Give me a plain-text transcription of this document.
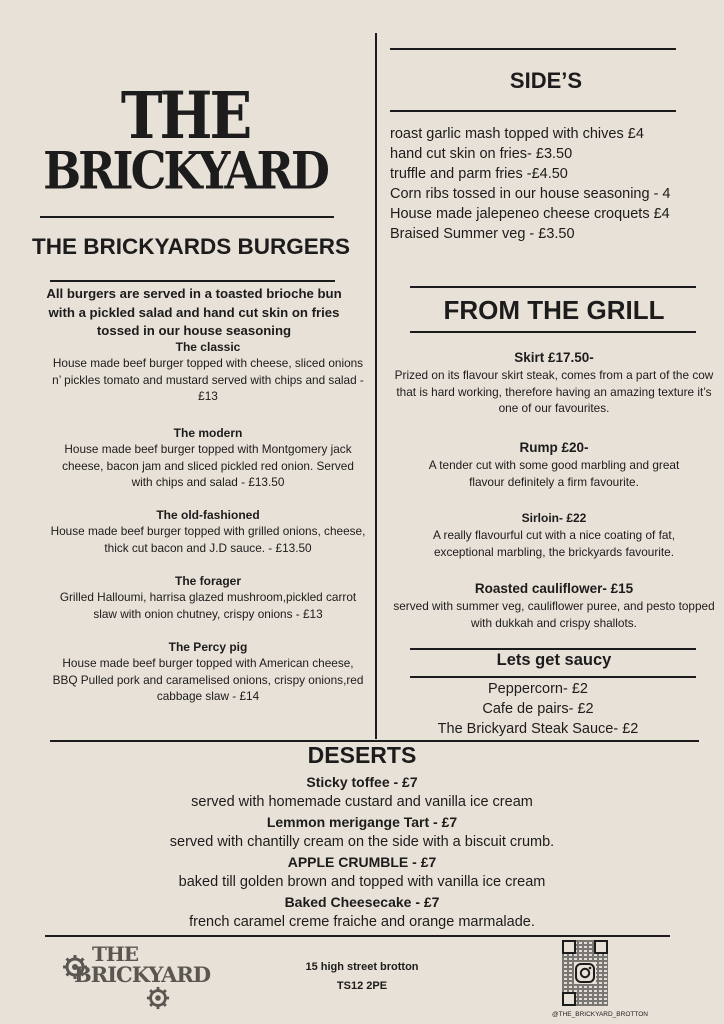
THE
BRICKYARD
THE BRICKYARDS BURGERS
All burgers are served in a toasted brioche bun with a pickled salad and hand cut skin on fries tossed in our house seasoning
The classic
House made beef burger topped with cheese, sliced onions n’ pickles tomato and mustard served with chips and salad - £13
The modern
House made beef burger topped with Montgomery jack cheese, bacon jam and sliced pickled red onion. Served with chips and salad - £13.50
The old-fashioned
House made beef burger topped with grilled onions, cheese, thick cut bacon and J.D sauce. - £13.50
The forager
Grilled Halloumi, harrisa glazed mushroom,pickled carrot slaw with onion chutney, crispy onions - £13
The Percy pig
House made beef burger topped with American cheese, BBQ Pulled pork and caramelised onions, crispy onions,red cabbage slaw - £14
SIDE’S
roast garlic mash topped with chives £4
hand cut skin on fries- £3.50
truffle and parm fries -£4.50
Corn ribs tossed in our house seasoning - 4
House made jalepeneo cheese croquets £4
Braised Summer veg - £3.50
FROM THE GRILL
Skirt £17.50-
Prized on its flavour skirt steak, comes from a part of the cow that is hard working, therefore having an amazing texture it’s one of our favourites.
Rump £20-
A tender cut with some good marbling and great flavour definitely a firm favourite.
Sirloin- £22
A really flavourful cut with a nice coating of fat, exceptional marbling, the brickyards favourite.
Roasted cauliflower- £15
served with summer veg, cauliflower puree, and pesto topped with dukkah and crispy shallots.
Lets get saucy
Peppercorn- £2
Cafe de pairs- £2
The Brickyard Steak Sauce- £2
DESERTS
Sticky toffee - £7
served with homemade custard and vanilla ice cream
Lemmon merigange Tart - £7
served with chantilly cream on the side with a biscuit crumb.
APPLE CRUMBLE - £7
baked till golden brown and topped with vanilla ice cream
Baked Cheesecake - £7
french caramel creme fraiche and orange marmalade.
THE
BRICKYARD	15 high street brotton
TS12 2PE
@THE_BRICKYARD_BROTTON
